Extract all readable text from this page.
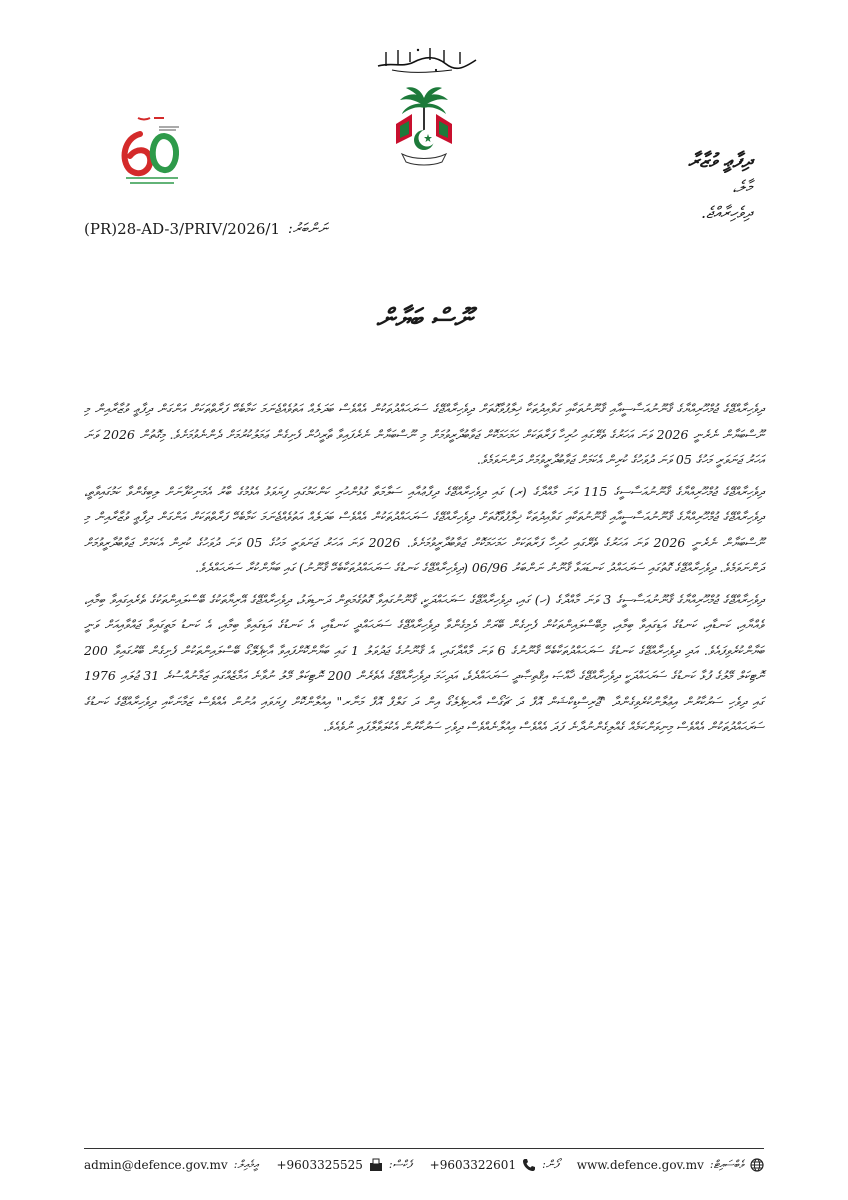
ދިފާޢީ ވުޒާރާ
މާލެ،
ދިވެހިރާއްޖެ.
(PR)28-AD-3/PRIV/2026/1 ނަންބަރު:
ނޫސް ބަޔާން

ދިވެހިރާއްޖޭގެ ޖުމްހޫރިއްޔާގެ ޤާނޫނުއަސާސީއާއި ޤާނޫނުތަކާއި ގަވާއިދުތަކާ ޚިލާފުވާގޮތަށް ދިވެހިރާއްޖޭގެ ސަރަޙައްދުތަކުން އެއްވެސް ބަދަލެއް އަތުވެއްޖެނަމަ ކަމާބެހޭ ފަރާތްތަކަށް އަންގަން ދިފާޢީ ވުޒާރާއިން މި ނޫސްބަޔާން ނެރެނީ 2026 ވަނަ އަހަރުގެ ތެރޭގައި ހުރިހާ ފަރާތަކަށް ހަމަހަމަކޮށް ޖަވާބުދާރީވުމަށް މި ނޫސްބަޔާން ނެރެފައިވާ ތާރީޚުން ފެށިގެން ޢަމަލުކުރުމަށް ދެންނެވުމަށެވެ. މިގޮތުން 2026 ވަނަ އަހަރު ޖަނަވަރީ މަހުގެ 05 ވަނަ ދުވަހުގެ ކުރިން އެކަމަށް ޖަވާބުދާރީވުމަށް ދަންނަވަމެވެ.

ދިވެހިރާއްޖޭގެ ޖުމްހޫރިއްޔާގެ ޤާނޫނުއަސާސީގެ 115 ވަނަ މާއްދާގެ (ރ) ގައި ދިވެހިރާއްޖޭގެ ދިފާޢުއާއި ސަލާމަތާ ގުޅުންހުރި ކަންކަމުގައި ފިޔަވަޅު އެޅުމުގެ ބާރު އެމަނިކުފާނަށް ލިބިގެންވާ ކަމުގައިވާތީ، ދިވެހިރާއްޖޭގެ ޖުމްހޫރިއްޔާގެ ޤާނޫނުއަސާސީއާއި ޤާނޫނުތަކާއި ގަވާއިދުތަކާ ޚިލާފުވާގޮތަށް ދިވެހިރާއްޖޭގެ ސަރަޙައްދުތަކުން އެއްވެސް ބަދަލެއް އަތުވެއްޖެނަމަ ކަމާބެހޭ ފަރާތްތަކަށް އަންގަން ދިފާޢީ ވުޒާރާއިން މި ނޫސްބަޔާން ނެރެނީ 2026 ވަނަ އަހަރުގެ ތެރޭގައި ހުރިހާ ފަރާތަކަށް ހަމަހަމަކޮށް ޖަވާބުދާރީވުމަށެވެ. 2026 ވަނަ އަހަރު ޖަނަވަރީ މަހުގެ 05 ވަނަ ދުވަހުގެ ކުރިން އެކަމަށް ޖަވާބުދާރީވުމަށް ދަންނަވަމެވެ. ދިވެހިރާއްޖޭގެ ގޮތުގައި ސަރަޙައްދު ކަނޑައަޅާ ޤާނޫނު ނަންބަރު 06/96 (ދިވެހިރާއްޖޭގެ ކަނޑުގެ ސަރަޙައްދުތަކާބެހޭ ޤާނޫނު) ގައި ބަޔާންކުރާ ސަރަޙައްދެވެ.

ދިވެހިރާއްޖޭގެ ޖުމްހޫރިއްޔާގެ ޤާނޫނުއަސާސީގެ 3 ވަނަ މާއްދާގެ (ހ) ގައި، ދިވެހިރާއްޖޭގެ ސަރަޙައްދަކީ، ޤާނޫނުގައިވާ ގޮތުގެމަތިން ދަނޑިވަޅު، ދިވެހިރާއްޖޭގެ އޭރިޔާތަކުގެ ބޭސްލައިންތަކުގެ ތެރެއިގައިވާ ބިމާއި، ވެއްޔާއި، ކަނޑާއި، ކަނޑުގެ އަޑިގައިވާ ބިމާއި، މިބޭސްލައިންތަކުން ފެށިގެން ބޭރަށް ދެމިގެންވާ ދިވެހިރާއްޖޭގެ ސަރަޙައްދީ ކަނޑާއި، އެ ކަނޑުގެ އަޑިގައިވާ ބިމާއި، އެ ކަނޑު މަތީގައިވާ ޖައްވާއިއަށް ވަނީ ބަޔާންކުރެވިފައެވެ. އަދި ދިވެހިރާއްޖޭގެ ކަނޑުގެ ސަރަޙައްދުތަކާބެހޭ ޤާނޫނުގެ 6 ވަނަ މާއްދާގައި، އެ ޤާނޫނުގެ ޖަދުވަލު 1 ގައި ބަޔާންކޮށްފައިވާ އާކިޕެލޭގޯ ބޭސްލައިންތަކުން ފެށިގެން ބޭރުގައިވާ 200 ނޮޓިކަލް މޭލުގެ ފުޅާ ކަނޑުގެ ސަރަޙައްދަކީ ދިވެހިރާއްޖޭގެ ޚާއްޞަ އިޤްތިޞާދީ ސަރަޙައްދެވެ، އަދިހަމަ ދިވެހިރާއްޖޭގެ އެތެރެން 200 ނޮޓިކަލް މޭލު ނުވާނެ އަމާޒެއްގައި ޒަމާނުއްސުރެ 31 ޖުލައި 1976 ގައި ދިވެހި ސަރުކާރުން އިޢުލާންކުރެވިގެންދާ "ޖޫރިސްޑިކްޝަން އޮފް ދަ ޗަގޯސް އާރކިޕެލެގޯ އިން ދަ ގަލްފް އޮފް މަނާރ" އިއުލާންކޮށް ފިޔަވައި އުނުން އެއްވެސް ޒަމާނަކާއި ދިވެހިރާއްޖޭގެ ކަނޑުގެ ސަރަޙައްދުތަކުން އެއްވެސް މިނިވަންކަމެއް ގެއްލިގެންނުދާނެ ފަދަ އެއްވެސް އިއުލާނެއްވެސް ދިވެހި ސަރުކާރުން އެކުލަވާލާފައި ނުވެއެވެ.

admin@defence.gov.mv އީމެއިލް: +9603325525 ފެކްސް: +9603322601 ފޯން: www.defence.gov.mv ވެބްސައިޓް:
